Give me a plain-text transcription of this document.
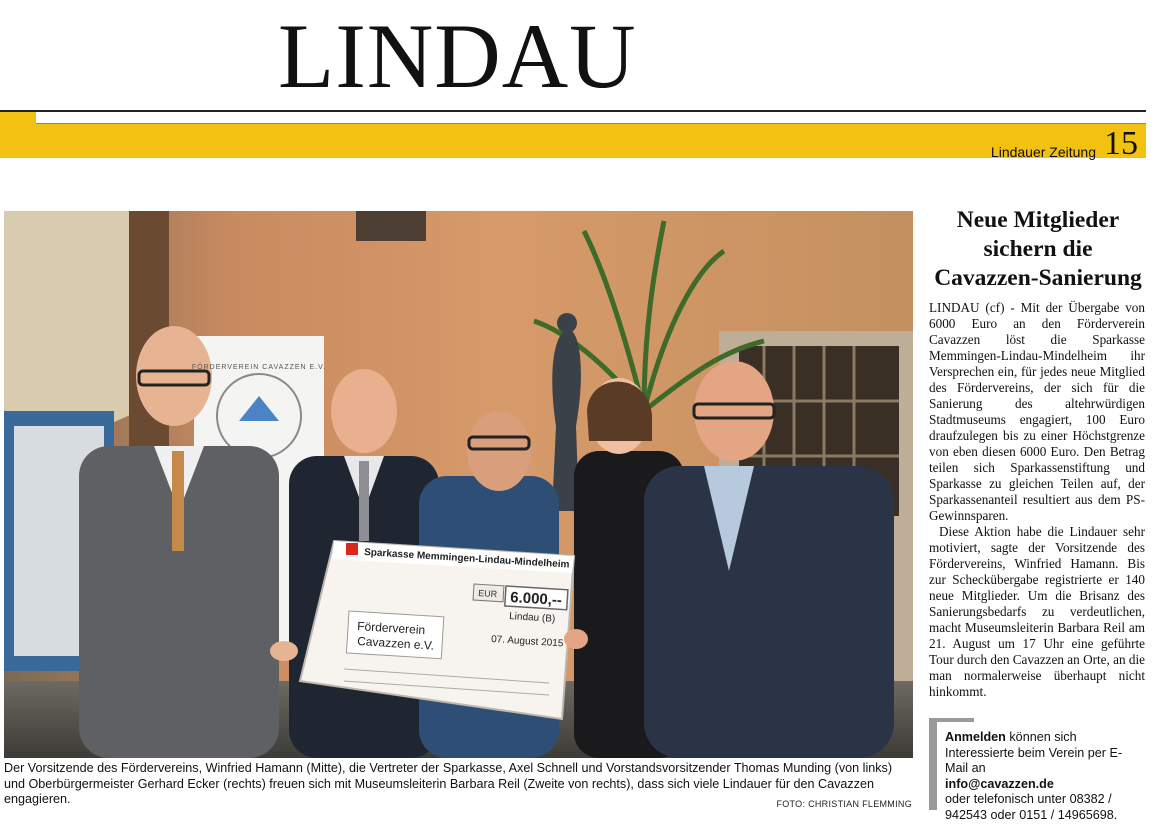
LINDAU
Lindauer Zeitung 15
Sparkasse Memmingen-Lindau-Mindelheim
EUR 6.000,--
Förderverein
Cavazzen e.V.
Lindau (B)
07. August 2015
FÖRDERVEREIN CAVAZZEN E.V.
Der Vorsitzende des Fördervereins, Winfried Hamann (Mitte), die Vertreter der Sparkasse, Axel Schnell und Vorstandsvorsitzender Thomas Munding (von links) und Oberbürgermeister Gerhard Ecker (rechts) freuen sich mit Museumsleiterin Barbara Reil (Zweite von rechts), dass sich viele Lindauer für den Cavazzen engagieren.	FOTO: CHRISTIAN FLEMMING
Neue Mitglieder
sichern die
Cavazzen-Sanierung

LINDAU (cf) - Mit der Übergabe von 6000 Euro an den Förderverein Cavazzen löst die Sparkasse Memmingen-Lindau-Mindelheim ihr Versprechen ein, für jedes neue Mitglied des Fördervereins, der sich für die Sanierung des altehrwürdigen Stadtmuseums engagiert, 100 Euro draufzulegen bis zu einer Höchstgrenze von eben diesen 6000 Euro. Den Betrag teilen sich Sparkassenstiftung und Sparkasse zu gleichen Teilen auf, der Sparkassenanteil resultiert aus dem PS-Gewinnsparen.

Diese Aktion habe die Lindauer sehr motiviert, sagte der Vorsitzende des Fördervereins, Winfried Hamann. Bis zur Scheckübergabe registrierte er 140 neue Mitglieder. Um die Brisanz des Sanierungsbedarfs zu verdeutlichen, macht Museumsleiterin Barbara Reil am 21. August um 17 Uhr eine geführte Tour durch den Cavazzen an Orte, an die man normalerweise überhaupt nicht hinkommt.

Anmelden können sich Interessierte beim Verein per E-Mail an
info@cavazzen.de
oder telefonisch unter 08382 / 942543 oder 0151 / 14965698.
